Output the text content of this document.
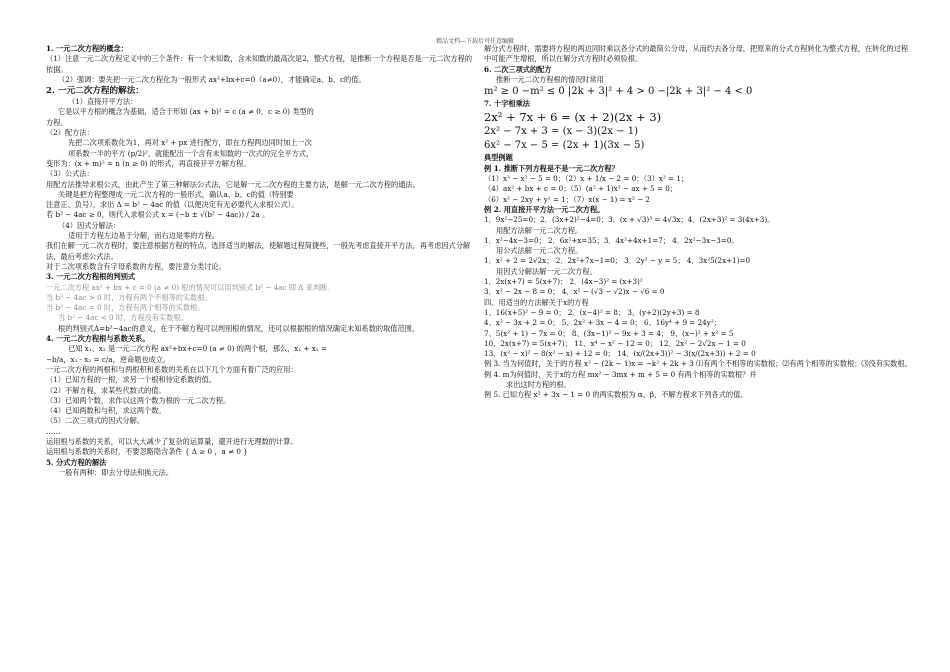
精品文档---下载后可任意编辑
1. 一元二次方程的概念：
（1）注意一元二次方程定义中的三个条件：有一个未知数，含未知数的最高次是2，整式方程，是推断一个方程是否是一元二次方程的依据。
（2）强调：要先把一元二次方程化为一般形式 ax²+bx+c=0（a≠0），才能确定a、b、c的值。
2. 一元二次方程的解法：
（1）直接开平方法：
它是以平方根的概念为基础，适合于形如 (ax + b)² = c (a ≠ 0，c ≥ 0) 类型的
方程。
（2）配方法：
先把二次项系数化为1，再对 x² + px 进行配方，即在方程两边同时加上一次
项系数一半的平方 (p/2)²，就能配出一个含有未知数的一次式的完全平方式，
变形为：(x + m)² = n (n ≥ 0) 的形式，再直接开平方解方程。
（3）公式法：
用配方法推导求根公式，由此产生了第三种解法公式法，它是解一元二次方程的主要方法，是解一元二次方程的通法。
关键是把方程整理成一元二次方程的一般形式，确认a、b、c的值（特别要
注意正、负号），求出 Δ = b² − 4ac 的值（以便决定有无必要代入求根公式）。
若 b² − 4ac ≥ 0，则代入求根公式 x = (−b ± √(b² − 4ac)) / 2a 。
（4）因式分解法：
适用于方程左边易于分解，而右边是零的方程。
我们在解一元二次方程时，要注意根据方程的特点，选择适当的解法，使解题过程简捷些，一般先考虑直接开平方法，再考虑因式分解法，最后考虑公式法。
对于二次项系数含有字母系数的方程，要注意分类讨论。
3. 一元二次方程根的判别式
一元二次方程 ax² + bx + c = 0 (a ≠ 0) 根的情况可以用判别式 b² − 4ac 即 Δ 来判断。
当 b² − 4ac > 0 时，方程有两个不相等的实数根。
当 b² − 4ac = 0 时，方程有两个相等的实数根。
当 b² − 4ac < 0 时，方程没有实数根。
根的判别式Δ=b²−4ac的意义，在于不解方程可以判别根的情况，还可以根据根的情况确定未知系数的取值范围。
4. 一元二次方程根与系数关系。
已知 x₁、x₂ 是一元二次方程 ax²+bx+c=0 (a ≠ 0) 的两个根，那么，x₁ + x₂ =
−b/a，x₁ · x₂ = c/a，逆命题也成立。
一元二次方程的两根和与两根积和系数的关系在以下几个方面有着广泛的应用：
（1）已知方程的一根，求另一个根和待定系数的值。
（2）不解方程，求某些代数式的值。
（3）已知两个数，求作以这两个数为根的一元二次方程。
（4）已知两数和与积，求这两个数。
（5）二次三项式的因式分解。
……
运用根与系数的关系，可以大大减少了复杂的运算量，避开进行无理数的计算。
运用根与系数的关系时，不要忽略隐含条件 { Δ ≥ 0 ，a ≠ 0 }
5. 分式方程的解法
一般有两种：即去分母法和换元法。
解分式方程时，需要将方程的两边同时乘以各分式的最简公分母，从而约去各分母，把原来的分式方程转化为整式方程，在转化的过程中可能产生增根，所以在解分式方程时必须验根。
6. 二次三项式的配方
推断一元二次方程根的情况时常用
m² ≥ 0 −m² ≤ 0 |2k + 3|² + 4 > 0 −|2k + 3|² − 4 < 0
7. 十字相乘法
2x² + 7x + 6 = (x + 2)(2x + 3)
2x² − 7x + 3 = (x − 3)(2x − 1)
6x² − 7x − 5 = (2x + 1)(3x − 5)
典型例题
例 1. 推断下列方程是不是一元二次方程？
（1）x³ − x² − 5 = 0；（2）x + 1/x − 2 = 0；（3）x² = 1；
（4）ax² + bx + c = 0；（5）(a² + 1)x² − ax + 5 = 0；
（6）x² − 2xy + y² = 1；（7）x(x − 1) = x² − 2
例 2. 用直接开平方法一元二次方程。
1．9x²−25=0；2．(3x+2)²−4=0；3．(x + √3)³ = 4√3x；4．(2x+3)² = 3(4x+3)。
用配方法解一元二次方程。
1．x²−4x−3=0； 2．6x²+x=35；3．4x²+4x+1=7； 4．2x²−3x−3=0。
用公式法解一元二次方程。
1．x² + 2 = 2√2x； 2．2x²+7x−1=0； 3．2y² − y = 5； 4．3x²5(2x+1)=0
用因式分解法解一元二次方程。
1．2x(x+7) = 5(x+7)； 2．(4x−3)² = (x+3)²
3．x² − 2x − 8 = 0； 4．x² − (√3 − √2)x − √6 = 0
四、用适当的方法解关于x的方程
1、16(x+5)² − 9 = 0； 2、(x−4)² = 8； 3、(y+2)(2y+3) = 8
4、x² − 3x + 2 = 0； 5、2x² + 3x − 4 = 0； 6、16y⁴ + 9 = 24y²；
7、5(x² + 1) − 7x = 0； 8、(3x−1)² − 9x + 3 = 4； 9、(x−)² + x² = 5
10、2x(x+7) = 5(x+7)； 11、x⁴ − x² − 12 = 0； 12、2x² − 2√2x − 1 = 0
13、(x² − x)² − 8(x² − x) + 12 = 0； 14、(x/(2x+3))² − 3(x/(2x+3)) + 2 = 0
例 3. 当为何值时，关于的方程 x² − (2k − 1)x = −k² + 2k + 3 ⑴有两个不相等的实数根；⑵有两个相等的实数根；⑶没有实数根。
例 4. m为何值时，关于x的方程 mx² − 3mx + m + 5 = 0 有两个相等的实数根？并
求出这时方程的根。
例 5. 已知方程 x² + 3x − 1 = 0 的两实数根为 α、β，不解方程求下列各式的值。
